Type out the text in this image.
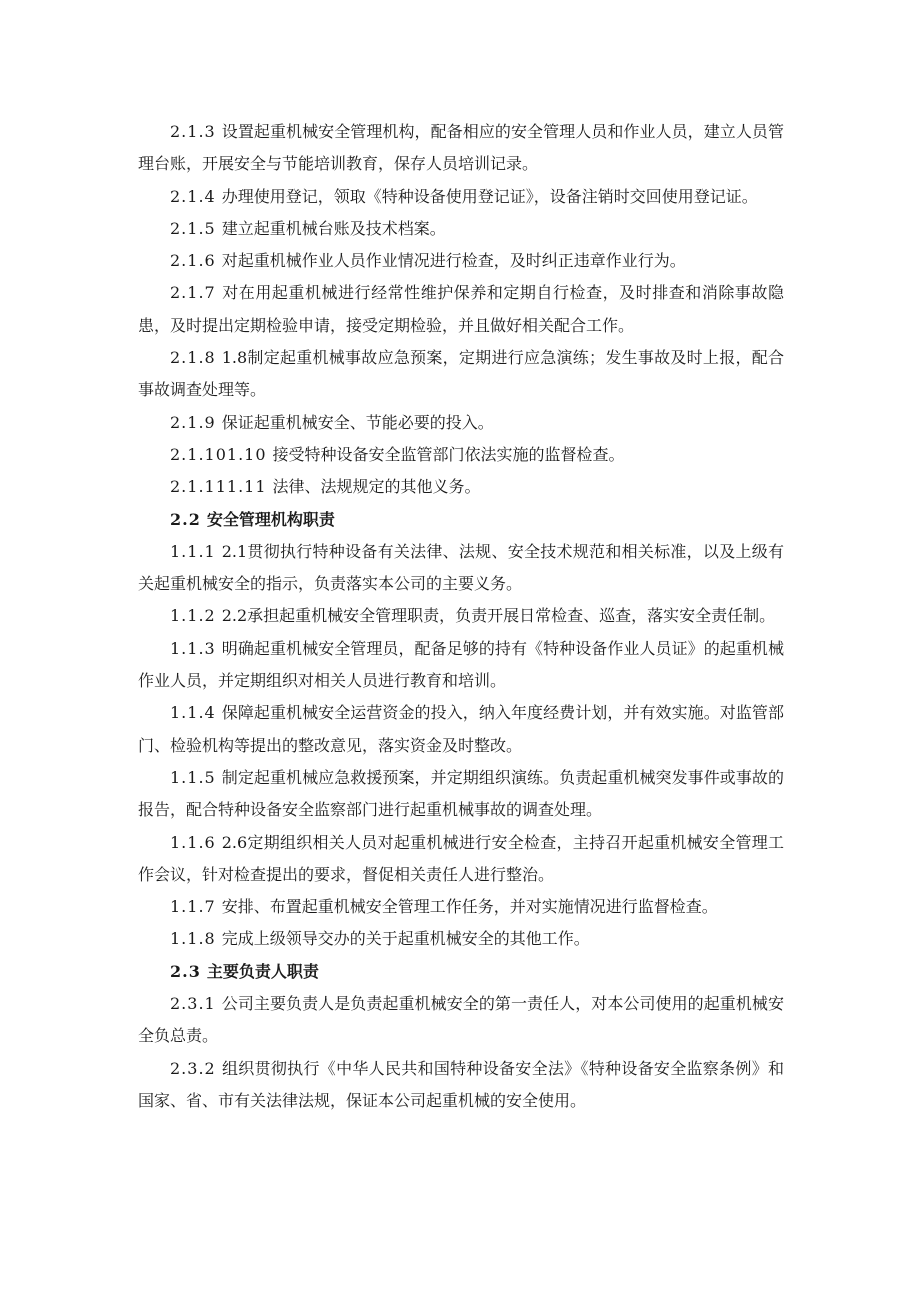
2.1.3 设置起重机械安全管理机构，配备相应的安全管理人员和作业人员，建立人员管理台账，开展安全与节能培训教育，保存人员培训记录。

2.1.4 办理使用登记，领取《特种设备使用登记证》，设备注销时交回使用登记证。

2.1.5 建立起重机械台账及技术档案。

2.1.6 对起重机械作业人员作业情况进行检查，及时纠正违章作业行为。

2.1.7 对在用起重机械进行经常性维护保养和定期自行检查，及时排查和消除事故隐患，及时提出定期检验申请，接受定期检验，并且做好相关配合工作。

2.1.8 1.8制定起重机械事故应急预案，定期进行应急演练；发生事故及时上报，配合事故调查处理等。

2.1.9 保证起重机械安全、节能必要的投入。

2.1.101.10 接受特种设备安全监管部门依法实施的监督检查。

2.1.111.11 法律、法规规定的其他义务。

2.2 安全管理机构职责

1.1.1 2.1贯彻执行特种设备有关法律、法规、安全技术规范和相关标准，以及上级有关起重机械安全的指示，负责落实本公司的主要义务。

1.1.2 2.2承担起重机械安全管理职责，负责开展日常检查、巡查，落实安全责任制。

1.1.3 明确起重机械安全管理员，配备足够的持有《特种设备作业人员证》的起重机械作业人员，并定期组织对相关人员进行教育和培训。

1.1.4 保障起重机械安全运营资金的投入，纳入年度经费计划，并有效实施。对监管部门、检验机构等提出的整改意见，落实资金及时整改。

1.1.5 制定起重机械应急救援预案，并定期组织演练。负责起重机械突发事件或事故的报告，配合特种设备安全监察部门进行起重机械事故的调查处理。

1.1.6 2.6定期组织相关人员对起重机械进行安全检查，主持召开起重机械安全管理工作会议，针对检查提出的要求，督促相关责任人进行整治。

1.1.7 安排、布置起重机械安全管理工作任务，并对实施情况进行监督检查。

1.1.8 完成上级领导交办的关于起重机械安全的其他工作。

2.3 主要负责人职责

2.3.1 公司主要负责人是负责起重机械安全的第一责任人，对本公司使用的起重机械安全负总责。

2.3.2 组织贯彻执行《中华人民共和国特种设备安全法》《特种设备安全监察条例》和国家、省、市有关法律法规，保证本公司起重机械的安全使用。
